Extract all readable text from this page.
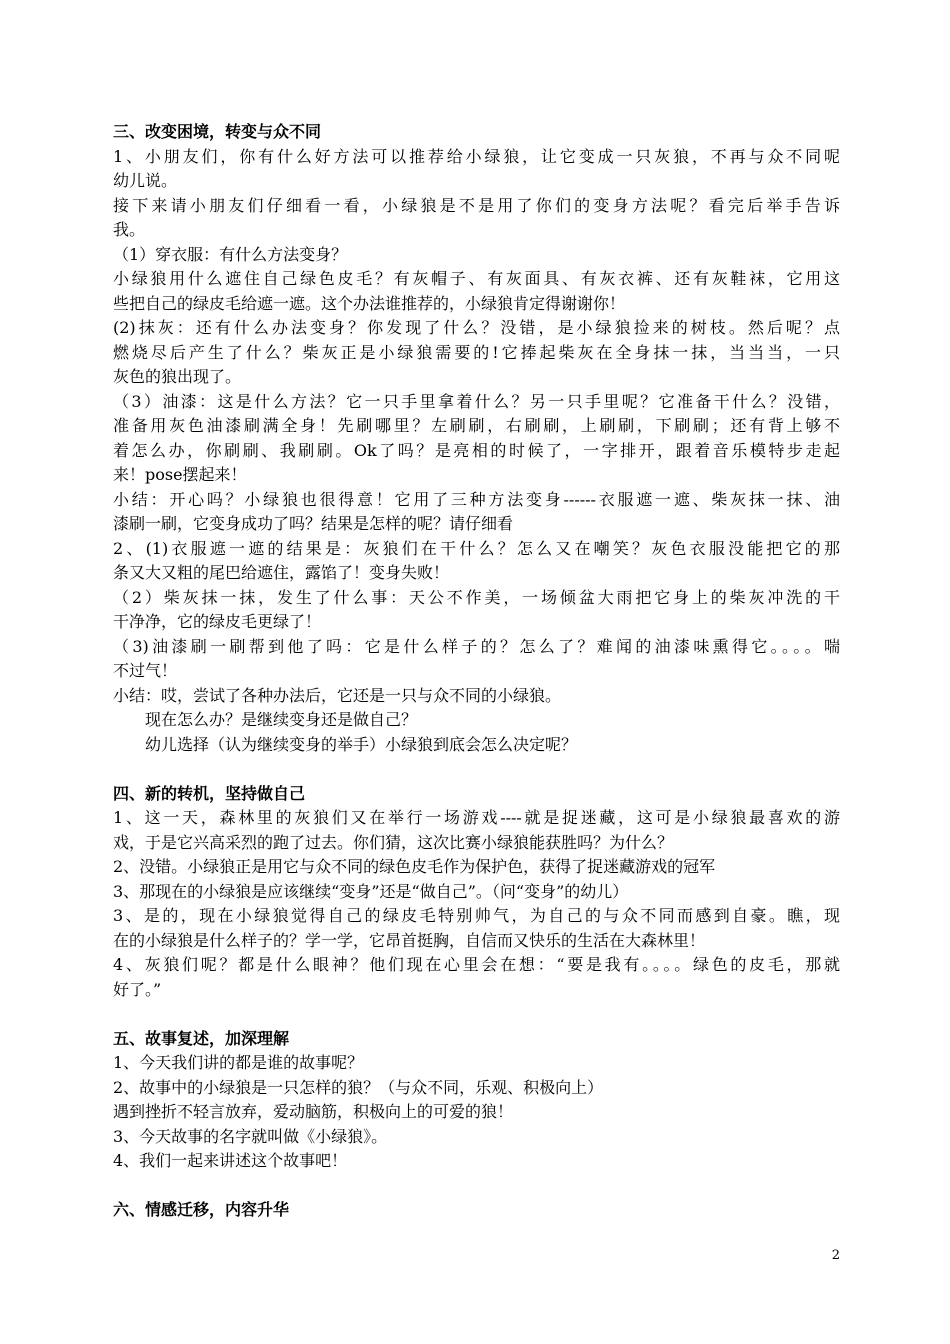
三、改变困境，转变与众不同
1、小朋友们，你有什么好方法可以推荐给小绿狼，让它变成一只灰狼，不再与众不同呢
幼儿说。
接下来请小朋友们仔细看一看，小绿狼是不是用了你们的变身方法呢？看完后举手告诉
我。
（1）穿衣服：有什么方法变身？
小绿狼用什么遮住自己绿色皮毛？有灰帽子、有灰面具、有灰衣裤、还有灰鞋袜，它用这
些把自己的绿皮毛给遮一遮。这个办法谁推荐的，小绿狼肯定得谢谢你！
(2)抹灰：还有什么办法变身？你发现了什么？没错，是小绿狼捡来的树枝。然后呢？点
燃烧尽后产生了什么？柴灰正是小绿狼需要的!它捧起柴灰在全身抹一抹，当当当，一只
灰色的狼出现了。
（3）油漆：这是什么方法？它一只手里拿着什么？另一只手里呢？它准备干什么？没错，
准备用灰色油漆刷满全身！先刷哪里？左刷刷，右刷刷，上刷刷，下刷刷；还有背上够不
着怎么办，你刷刷、我刷刷。Ok了吗？是亮相的时候了，一字排开，跟着音乐模特步走起
来！pose摆起来！
小结：开心吗？小绿狼也很得意！它用了三种方法变身------衣服遮一遮、柴灰抹一抹、油
漆刷一刷，它变身成功了吗？结果是怎样的呢？请仔细看
2、(1)衣服遮一遮的结果是：灰狼们在干什么？怎么又在嘲笑？灰色衣服没能把它的那
条又大又粗的尾巴给遮住，露馅了！变身失败！
（2）柴灰抹一抹，发生了什么事：天公不作美，一场倾盆大雨把它身上的柴灰冲洗的干
干净净，它的绿皮毛更绿了！
（3)油漆刷一刷帮到他了吗：它是什么样子的？怎么了？难闻的油漆味熏得它。。。。喘
不过气！
小结：哎，尝试了各种办法后，它还是一只与众不同的小绿狼。
现在怎么办？是继续变身还是做自己？
幼儿选择（认为继续变身的举手）小绿狼到底会怎么决定呢？
四、新的转机，坚持做自己
1、这一天，森林里的灰狼们又在举行一场游戏----就是捉迷藏，这可是小绿狼最喜欢的游
戏，于是它兴高采烈的跑了过去。你们猜，这次比赛小绿狼能获胜吗？为什么？
2、没错。小绿狼正是用它与众不同的绿色皮毛作为保护色，获得了捉迷藏游戏的冠军
3、那现在的小绿狼是应该继续“变身”还是“做自己”。（问“变身”的幼儿）
3、是的，现在小绿狼觉得自己的绿皮毛特别帅气，为自己的与众不同而感到自豪。瞧，现
在的小绿狼是什么样子的？学一学，它昂首挺胸，自信而又快乐的生活在大森林里！
4、灰狼们呢？都是什么眼神？他们现在心里会在想：“要是我有。。。。绿色的皮毛，那就
好了。”
五、故事复述，加深理解
1、今天我们讲的都是谁的故事呢？
2、故事中的小绿狼是一只怎样的狼？（与众不同，乐观、积极向上）
遇到挫折不轻言放弃，爱动脑筋，积极向上的可爱的狼！
3、今天故事的名字就叫做《小绿狼》。
4、我们一起来讲述这个故事吧！
六、情感迁移，内容升华
2
